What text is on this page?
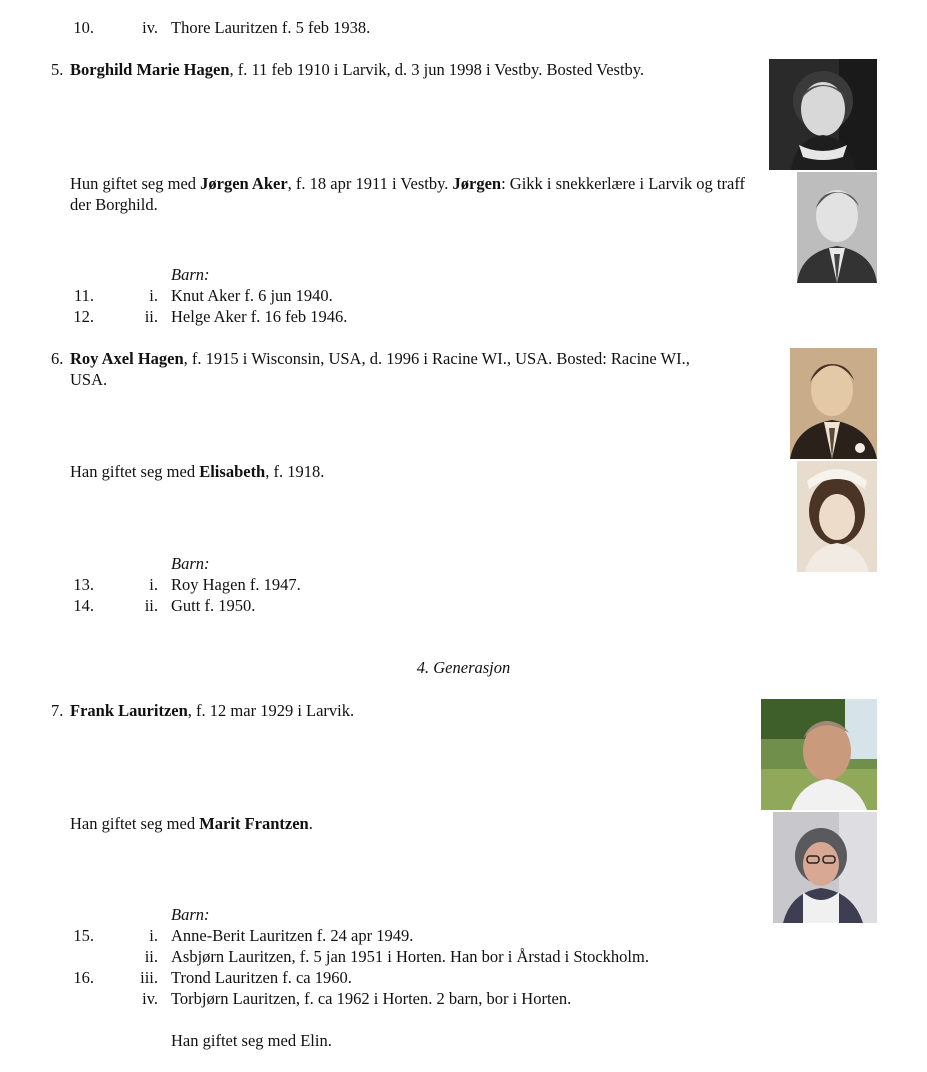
10.	iv. Thore Lauritzen f. 5 feb 1938.
5. Borghild Marie Hagen, f. 11 feb 1910 i Larvik, d. 3 jun 1998 i Vestby. Bosted Vestby.
Hun giftet seg med Jørgen Aker, f. 18 apr 1911 i Vestby. Jørgen: Gikk i snekkerlære i Larvik og traff
der Borghild.
Barn:
11.	i. Knut Aker f. 6 jun 1940.
12.	ii. Helge Aker f. 16 feb 1946.
6. Roy Axel Hagen, f. 1915 i Wisconsin, USA, d. 1996 i Racine WI., USA. Bosted: Racine WI.,
USA.
Han giftet seg med Elisabeth, f. 1918.
Barn:
13.	i. Roy Hagen f. 1947.
14.	ii. Gutt f. 1950.
4. Generasjon
7. Frank Lauritzen, f. 12 mar 1929 i Larvik.
Han giftet seg med Marit Frantzen.
Barn:
15.	i. Anne-Berit Lauritzen f. 24 apr 1949.
ii. Asbjørn Lauritzen, f. 5 jan 1951 i Horten. Han bor i Årstad i Stockholm.
16.	iii. Trond Lauritzen f. ca 1960.
iv. Torbjørn Lauritzen, f. ca 1962 i Horten. 2 barn, bor i Horten.
Han giftet seg med Elin.
